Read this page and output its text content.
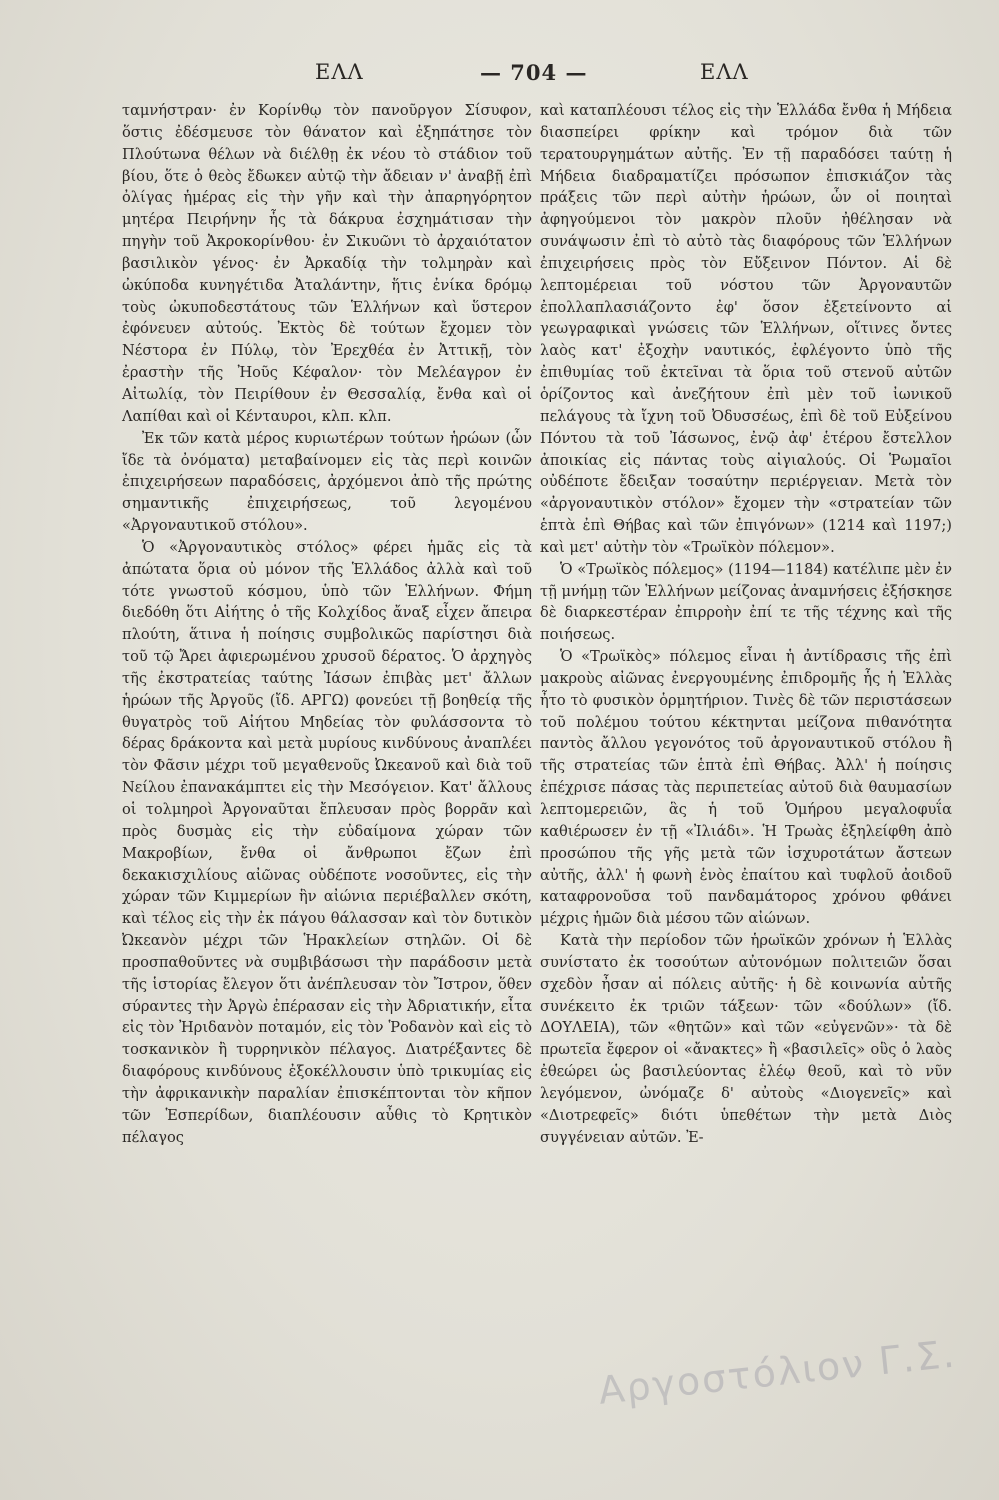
ΕΛΛ	— 704 —	ΕΛΛ

ταμνήστραν· ἐν Κορίνθῳ τὸν πανοῦργον Σίσυφον, ὅστις ἐδέσμευσε τὸν θάνατον καὶ ἐξηπάτησε τὸν Πλούτωνα θέλων νὰ διέλθῃ ἐκ νέου τὸ στάδιον τοῦ βίου, ὅτε ὁ θεὸς ἔδωκεν αὐτῷ τὴν ἄδειαν ν' ἀναβῇ ἐπὶ ὀλίγας ἡμέρας εἰς τὴν γῆν καὶ τὴν ἀπαρηγόρητον μητέρα Πειρήνην ἧς τὰ δάκρυα ἐσχημάτισαν τὴν πηγὴν τοῦ Ἀκροκορίνθου· ἐν Σικυῶνι τὸ ἀρχαιότατον βασιλικὸν γένος· ἐν Ἀρκαδίᾳ τὴν τολμηρὰν καὶ ὠκύποδα κυνηγέτιδα Ἀταλάντην, ἥτις ἐνίκα δρόμῳ τοὺς ὠκυποδεστάτους τῶν Ἑλλήνων καὶ ὕστερον ἐφόνευεν αὐτούς. Ἐκτὸς δὲ τούτων ἔχομεν τὸν Νέστορα ἐν Πύλῳ, τὸν Ἐρεχθέα ἐν Ἀττικῇ, τὸν ἐραστὴν τῆς Ἠοῦς Κέφαλον· τὸν Μελέαγρον ἐν Αἰτωλίᾳ, τὸν Πειρίθουν ἐν Θεσσαλίᾳ, ἔνθα καὶ οἱ Λαπίθαι καὶ οἱ Κένταυροι, κλπ. κλπ.

Ἐκ τῶν κατὰ μέρος κυριωτέρων τούτων ἡρώων (ὧν ἴδε τὰ ὀνόματα) μεταβαίνομεν εἰς τὰς περὶ κοινῶν ἐπιχειρήσεων παραδόσεις, ἀρχόμενοι ἀπὸ τῆς πρώτης σημαντικῆς ἐπιχειρήσεως, τοῦ λεγομένου «Ἀργοναυτικοῦ στόλου».

Ὁ «Ἀργοναυτικὸς στόλος» φέρει ἡμᾶς εἰς τὰ ἀπώτατα ὅρια οὐ μόνον τῆς Ἑλλάδος ἀλλὰ καὶ τοῦ τότε γνωστοῦ κόσμου, ὑπὸ τῶν Ἑλλήνων. Φήμη διεδόθη ὅτι Αἰήτης ὁ τῆς Κολχίδος ἄναξ εἶχεν ἄπειρα πλούτη, ἅτινα ἡ ποίησις συμβολικῶς παρίστησι διὰ τοῦ τῷ Ἄρει ἀφιερωμένου χρυσοῦ δέρατος. Ὁ ἀρχηγὸς τῆς ἐκστρατείας ταύτης Ἰάσων ἐπιβὰς μετ' ἄλλων ἡρώων τῆς Ἀργοῦς (ἴδ. ΑΡΓΩ) φονεύει τῇ βοηθείᾳ τῆς θυγατρὸς τοῦ Αἰήτου Μηδείας τὸν φυλάσσοντα τὸ δέρας δράκοντα καὶ μετὰ μυρίους κινδύνους ἀναπλέει τὸν Φᾶσιν μέχρι τοῦ μεγαθενοῦς Ὠκεανοῦ καὶ διὰ τοῦ Νείλου ἐπανακάμπτει εἰς τὴν Μεσόγειον. Κατ' ἄλλους οἱ τολμηροὶ Ἀργοναῦται ἔπλευσαν πρὸς βορρᾶν καὶ πρὸς δυσμὰς εἰς τὴν εὐδαίμονα χώραν τῶν Μακροβίων, ἔνθα οἱ ἄνθρωποι ἔζων ἐπὶ δεκακισχιλίους αἰῶνας οὐδέποτε νοσοῦντες, εἰς τὴν χώραν τῶν Κιμμερίων ἣν αἰώνια περιέβαλλεν σκότη, καὶ τέλος εἰς τὴν ἐκ πάγου θάλασσαν καὶ τὸν δυτικὸν Ὠκεανὸν μέχρι τῶν Ἡρακλείων στηλῶν. Οἱ δὲ προσπαθοῦντες νὰ συμβιβάσωσι τὴν παράδοσιν μετὰ τῆς ἱστορίας ἔλεγον ὅτι ἀνέπλευσαν τὸν Ἴστρον, ὅθεν σύραντες τὴν Ἀργὼ ἐπέρασαν εἰς τὴν Ἀδριατικήν, εἶτα εἰς τὸν Ἠριδανὸν ποταμόν, εἰς τὸν Ῥοδανὸν καὶ εἰς τὸ τοσκανικὸν ἢ τυρρηνικὸν πέλαγος. Διατρέξαντες δὲ διαφόρους κινδύνους ἐξοκέλλουσιν ὑπὸ τρικυμίας εἰς τὴν ἀφρικανικὴν παραλίαν ἐπισκέπτονται τὸν κῆπον τῶν Ἑσπερίδων, διαπλέουσιν αὖθις τὸ Κρητικὸν πέλαγος

καὶ καταπλέουσι τέλος εἰς τὴν Ἑλλάδα ἔνθα ἡ Μήδεια διασπείρει φρίκην καὶ τρόμον διὰ τῶν τερατουργημάτων αὐτῆς. Ἐν τῇ παραδόσει ταύτῃ ἡ Μήδεια διαδραματίζει πρόσωπον ἐπισκιάζον τὰς πράξεις τῶν περὶ αὐτὴν ἡρώων, ὧν οἱ ποιηταὶ ἀφηγούμενοι τὸν μακρὸν πλοῦν ἠθέλησαν νὰ συνάψωσιν ἐπὶ τὸ αὐτὸ τὰς διαφόρους τῶν Ἑλλήνων ἐπιχειρήσεις πρὸς τὸν Εὔξεινον Πόντον. Αἱ δὲ λεπτομέρειαι τοῦ νόστου τῶν Ἀργοναυτῶν ἐπολλαπλασιάζοντο ἐφ' ὅσον ἐξετείνοντο αἱ γεωγραφικαὶ γνώσεις τῶν Ἑλλήνων, οἵτινες ὄντες λαὸς κατ' ἐξοχὴν ναυτικός, ἐφλέγοντο ὑπὸ τῆς ἐπιθυμίας τοῦ ἐκτεῖναι τὰ ὅρια τοῦ στενοῦ αὐτῶν ὁρίζοντος καὶ ἀνεζήτουν ἐπὶ μὲν τοῦ ἰωνικοῦ πελάγους τὰ ἴχνη τοῦ Ὀδυσσέως, ἐπὶ δὲ τοῦ Εὐξείνου Πόντου τὰ τοῦ Ἰάσωνος, ἐνῷ ἀφ' ἑτέρου ἔστελλον ἀποικίας εἰς πάντας τοὺς αἰγιαλούς. Οἱ Ῥωμαῖοι οὐδέποτε ἔδειξαν τοσαύτην περιέργειαν. Μετὰ τὸν «ἀργοναυτικὸν στόλον» ἔχομεν τὴν «στρατείαν τῶν ἑπτὰ ἐπὶ Θήβας καὶ τῶν ἐπιγόνων» (1214 καὶ 1197;) καὶ μετ' αὐτὴν τὸν «Τρωϊκὸν πόλεμον».

Ὁ «Τρωϊκὸς πόλεμος» (1194—1184) κατέλιπε μὲν ἐν τῇ μνήμῃ τῶν Ἑλλήνων μείζονας ἀναμνήσεις ἐξήσκησε δὲ διαρκεστέραν ἐπιρροὴν ἐπί τε τῆς τέχνης καὶ τῆς ποιήσεως.

Ὁ «Τρωϊκὸς» πόλεμος εἶναι ἡ ἀντίδρασις τῆς ἐπὶ μακροὺς αἰῶνας ἐνεργουμένης ἐπιδρομῆς ἧς ἡ Ἑλλὰς ἦτο τὸ φυσικὸν ὁρμητήριον. Τινὲς δὲ τῶν περιστάσεων τοῦ πολέμου τούτου κέκτηνται μείζονα πιθανότητα παντὸς ἄλλου γεγονότος τοῦ ἀργοναυτικοῦ στόλου ἢ τῆς στρατείας τῶν ἑπτὰ ἐπὶ Θήβας. Ἀλλ' ἡ ποίησις ἐπέχρισε πάσας τὰς περιπετείας αὐτοῦ διὰ θαυμασίων λεπτομερειῶν, ἃς ἡ τοῦ Ὁμήρου μεγαλοφυΐα καθιέρωσεν ἐν τῇ «Ἰλιάδι». Ἡ Τρωὰς ἐξηλείφθη ἀπὸ προσώπου τῆς γῆς μετὰ τῶν ἰσχυροτάτων ἄστεων αὐτῆς, ἀλλ' ἡ φωνὴ ἑνὸς ἐπαίτου καὶ τυφλοῦ ἀοιδοῦ καταφρονοῦσα τοῦ πανδαμάτορος χρόνου φθάνει μέχρις ἡμῶν διὰ μέσου τῶν αἰώνων.

Κατὰ τὴν περίοδον τῶν ἡρωϊκῶν χρόνων ἡ Ἑλλὰς συνίστατο ἐκ τοσούτων αὐτονόμων πολιτειῶν ὅσαι σχεδὸν ἦσαν αἱ πόλεις αὐτῆς· ἡ δὲ κοινωνία αὐτῆς συνέκειτο ἐκ τριῶν τάξεων· τῶν «δούλων» (ἴδ. ΔΟΥΛΕΙΑ), τῶν «θητῶν» καὶ τῶν «εὐγενῶν»· τὰ δὲ πρωτεῖα ἔφερον οἱ «ἄνακτες» ἢ «βασιλεῖς» οὓς ὁ λαὸς ἐθεώρει ὡς βασιλεύοντας ἐλέῳ θεοῦ, καὶ τὸ νῦν λεγόμενον, ὠνόμαζε δ' αὐτοὺς «Διογενεῖς» καὶ «Διοτρεφεῖς» διότι ὑπεθέτων τὴν μετὰ Διὸς συγγένειαν αὐτῶν. Ἐ-

Αργοστόλιον Γ.Σ.
